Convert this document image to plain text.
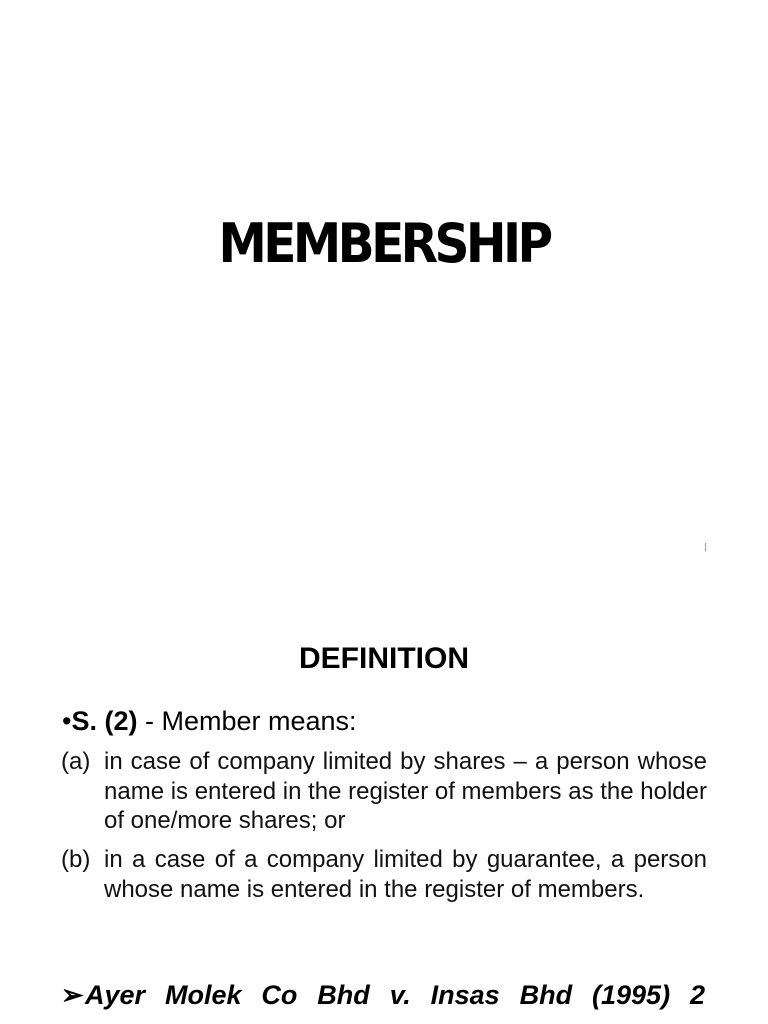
MEMBERSHIP
DEFINITION
•S. (2) - Member means:
(a) in case of company limited by shares – a person whose name is entered in the register of members as the holder of one/more shares; or
(b) in a case of a company limited by guarantee, a person whose name is entered in the register of members.
➢Ayer Molek Co Bhd v. Insas Bhd (1995) 2
